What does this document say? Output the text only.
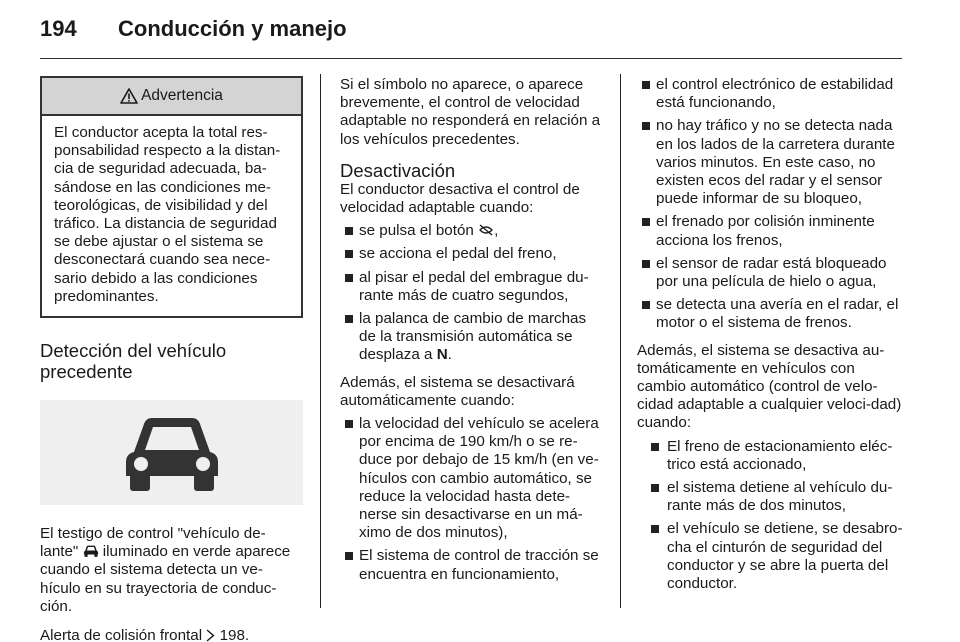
194 Conducción y manejo
Advertencia
El conductor acepta la total res-ponsabilidad respecto a la distan-cia de seguridad adecuada, ba-sándose en las condiciones me-teorológicas, de visibilidad y del tráfico. La distancia de seguridad se debe ajustar o el sistema se desconectará cuando sea nece-sario debido a las condiciones predominantes.
Detección del vehículo precedente

El testigo de control "vehículo de-lante" iluminado en verde aparece cuando el sistema detecta un ve-hículo en su trayectoria de conduc-ción.

Alerta de colisión frontal 198.

Si el símbolo no aparece, o aparece brevemente, el control de velocidad adaptable no responderá en relación a los vehículos precedentes.

Desactivación

El conductor desactiva el control de velocidad adaptable cuando:

se pulsa el botón ,
se acciona el pedal del freno,
al pisar el pedal del embrague du-rante más de cuatro segundos,
la palanca de cambio de marchas de la transmisión automática se desplaza a N.

Además, el sistema se desactivará automáticamente cuando:

la velocidad del vehículo se acelera por encima de 190 km/h o se re-duce por debajo de 15 km/h (en ve-hículos con cambio automático, se reduce la velocidad hasta dete-nerse sin desactivarse en un má-ximo de dos minutos),
El sistema de control de tracción se encuentra en funcionamiento,
el control electrónico de estabilidad está funcionando,
no hay tráfico y no se detecta nada en los lados de la carretera durante varios minutos. En este caso, no existen ecos del radar y el sensor puede informar de su bloqueo,
el frenado por colisión inminente acciona los frenos,
el sensor de radar está bloqueado por una película de hielo o agua,
se detecta una avería en el radar, el motor o el sistema de frenos.

Además, el sistema se desactiva au-tomáticamente en vehículos con cambio automático (control de velo-cidad adaptable a cualquier veloci-dad) cuando:

El freno de estacionamiento eléc-trico está accionado,
el sistema detiene al vehículo du-rante más de dos minutos,
el vehículo se detiene, se desabro-cha el cinturón de seguridad del conductor y se abre la puerta del conductor.
